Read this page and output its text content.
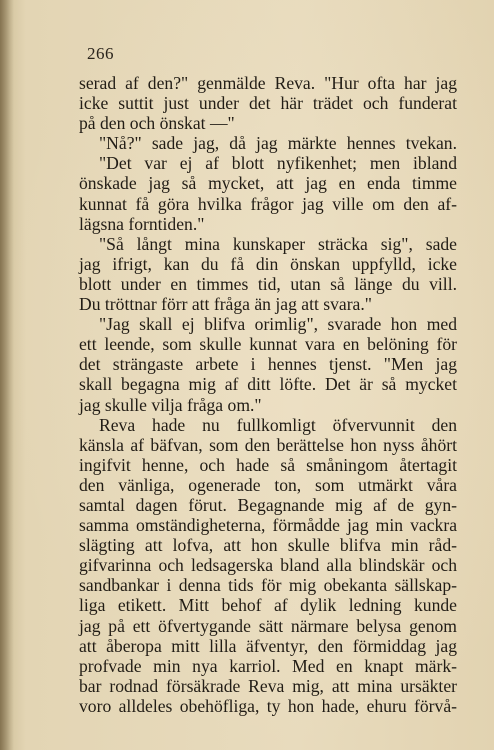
266
serad af den?" genmälde Reva. "Hur ofta har jag
icke suttit just under det här trädet och funderat
på den och önskat —"
"Nå?" sade jag, då jag märkte hennes tvekan.
"Det var ej af blott nyfikenhet; men ibland
önskade jag så mycket, att jag en enda timme
kunnat få göra hvilka frågor jag ville om den af-
lägsna forntiden."
"Så långt mina kunskaper sträcka sig", sade
jag ifrigt, kan du få din önskan uppfylld, icke
blott under en timmes tid, utan så länge du vill.
Du tröttnar förr att fråga än jag att svara."
"Jag skall ej blifva orimlig", svarade hon med
ett leende, som skulle kunnat vara en belöning för
det strängaste arbete i hennes tjenst. "Men jag
skall begagna mig af ditt löfte. Det är så mycket
jag skulle vilja fråga om."
Reva hade nu fullkomligt öfvervunnit den
känsla af bäfvan, som den berättelse hon nyss åhört
ingifvit henne, och hade så småningom återtagit
den vänliga, ogenerade ton, som utmärkt våra
samtal dagen förut. Begagnande mig af de gyn-
samma omständigheterna, förmådde jag min vackra
slägting att lofva, att hon skulle blifva min råd-
gifvarinna och ledsagerska bland alla blindskär och
sandbankar i denna tids för mig obekanta sällskap-
liga etikett. Mitt behof af dylik ledning kunde
jag på ett öfvertygande sätt närmare belysa genom
att åberopa mitt lilla äfventyr, den förmiddag jag
profvade min nya karriol. Med en knapt märk-
bar rodnad försäkrade Reva mig, att mina ursäkter
voro alldeles obehöfliga, ty hon hade, ehuru förvå-
